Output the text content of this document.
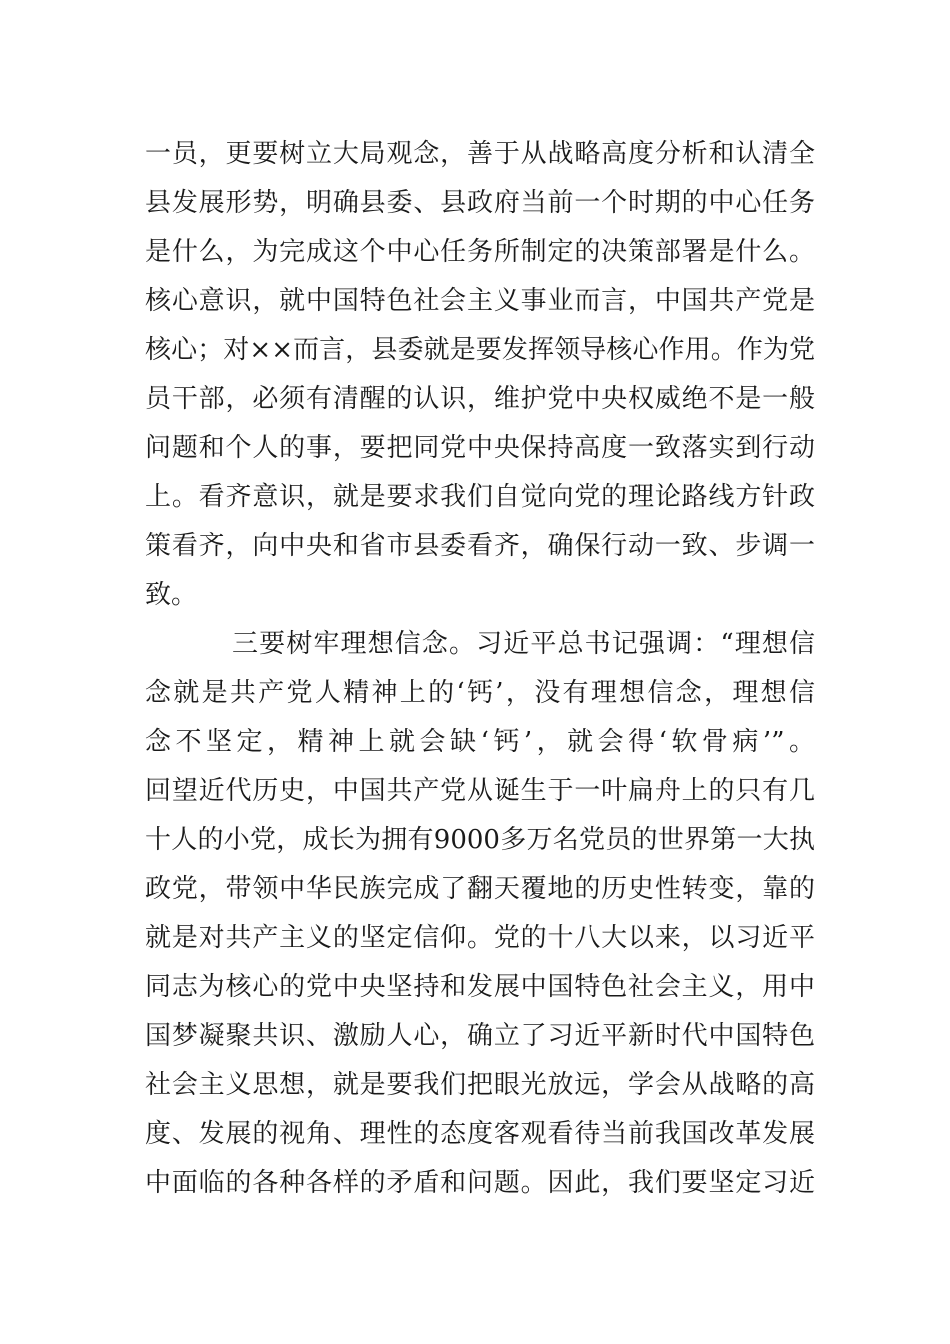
一员，更要树立大局观念，善于从战略高度分析和认清全
县发展形势，明确县委、县政府当前一个时期的中心任务
是什么，为完成这个中心任务所制定的决策部署是什么。
核心意识，就中国特色社会主义事业而言，中国共产党是
核心；对××而言，县委就是要发挥领导核心作用。作为党
员干部，必须有清醒的认识，维护党中央权威绝不是一般
问题和个人的事，要把同党中央保持高度一致落实到行动
上。看齐意识，就是要求我们自觉向党的理论路线方针政
策看齐，向中央和省市县委看齐，确保行动一致、步调一
致。
三要树牢理想信念。习近平总书记强调：“理想信
念就是共产党人精神上的‘钙’，没有理想信念，理想信
念不坚定，精神上就会缺‘钙’，就会得‘软骨病’”。
回望近代历史，中国共产党从诞生于一叶扁舟上的只有几
十人的小党，成长为拥有9000多万名党员的世界第一大执
政党，带领中华民族完成了翻天覆地的历史性转变，靠的
就是对共产主义的坚定信仰。党的十八大以来，以习近平
同志为核心的党中央坚持和发展中国特色社会主义，用中
国梦凝聚共识、激励人心，确立了习近平新时代中国特色
社会主义思想，就是要我们把眼光放远，学会从战略的高
度、发展的视角、理性的态度客观看待当前我国改革发展
中面临的各种各样的矛盾和问题。因此，我们要坚定习近
